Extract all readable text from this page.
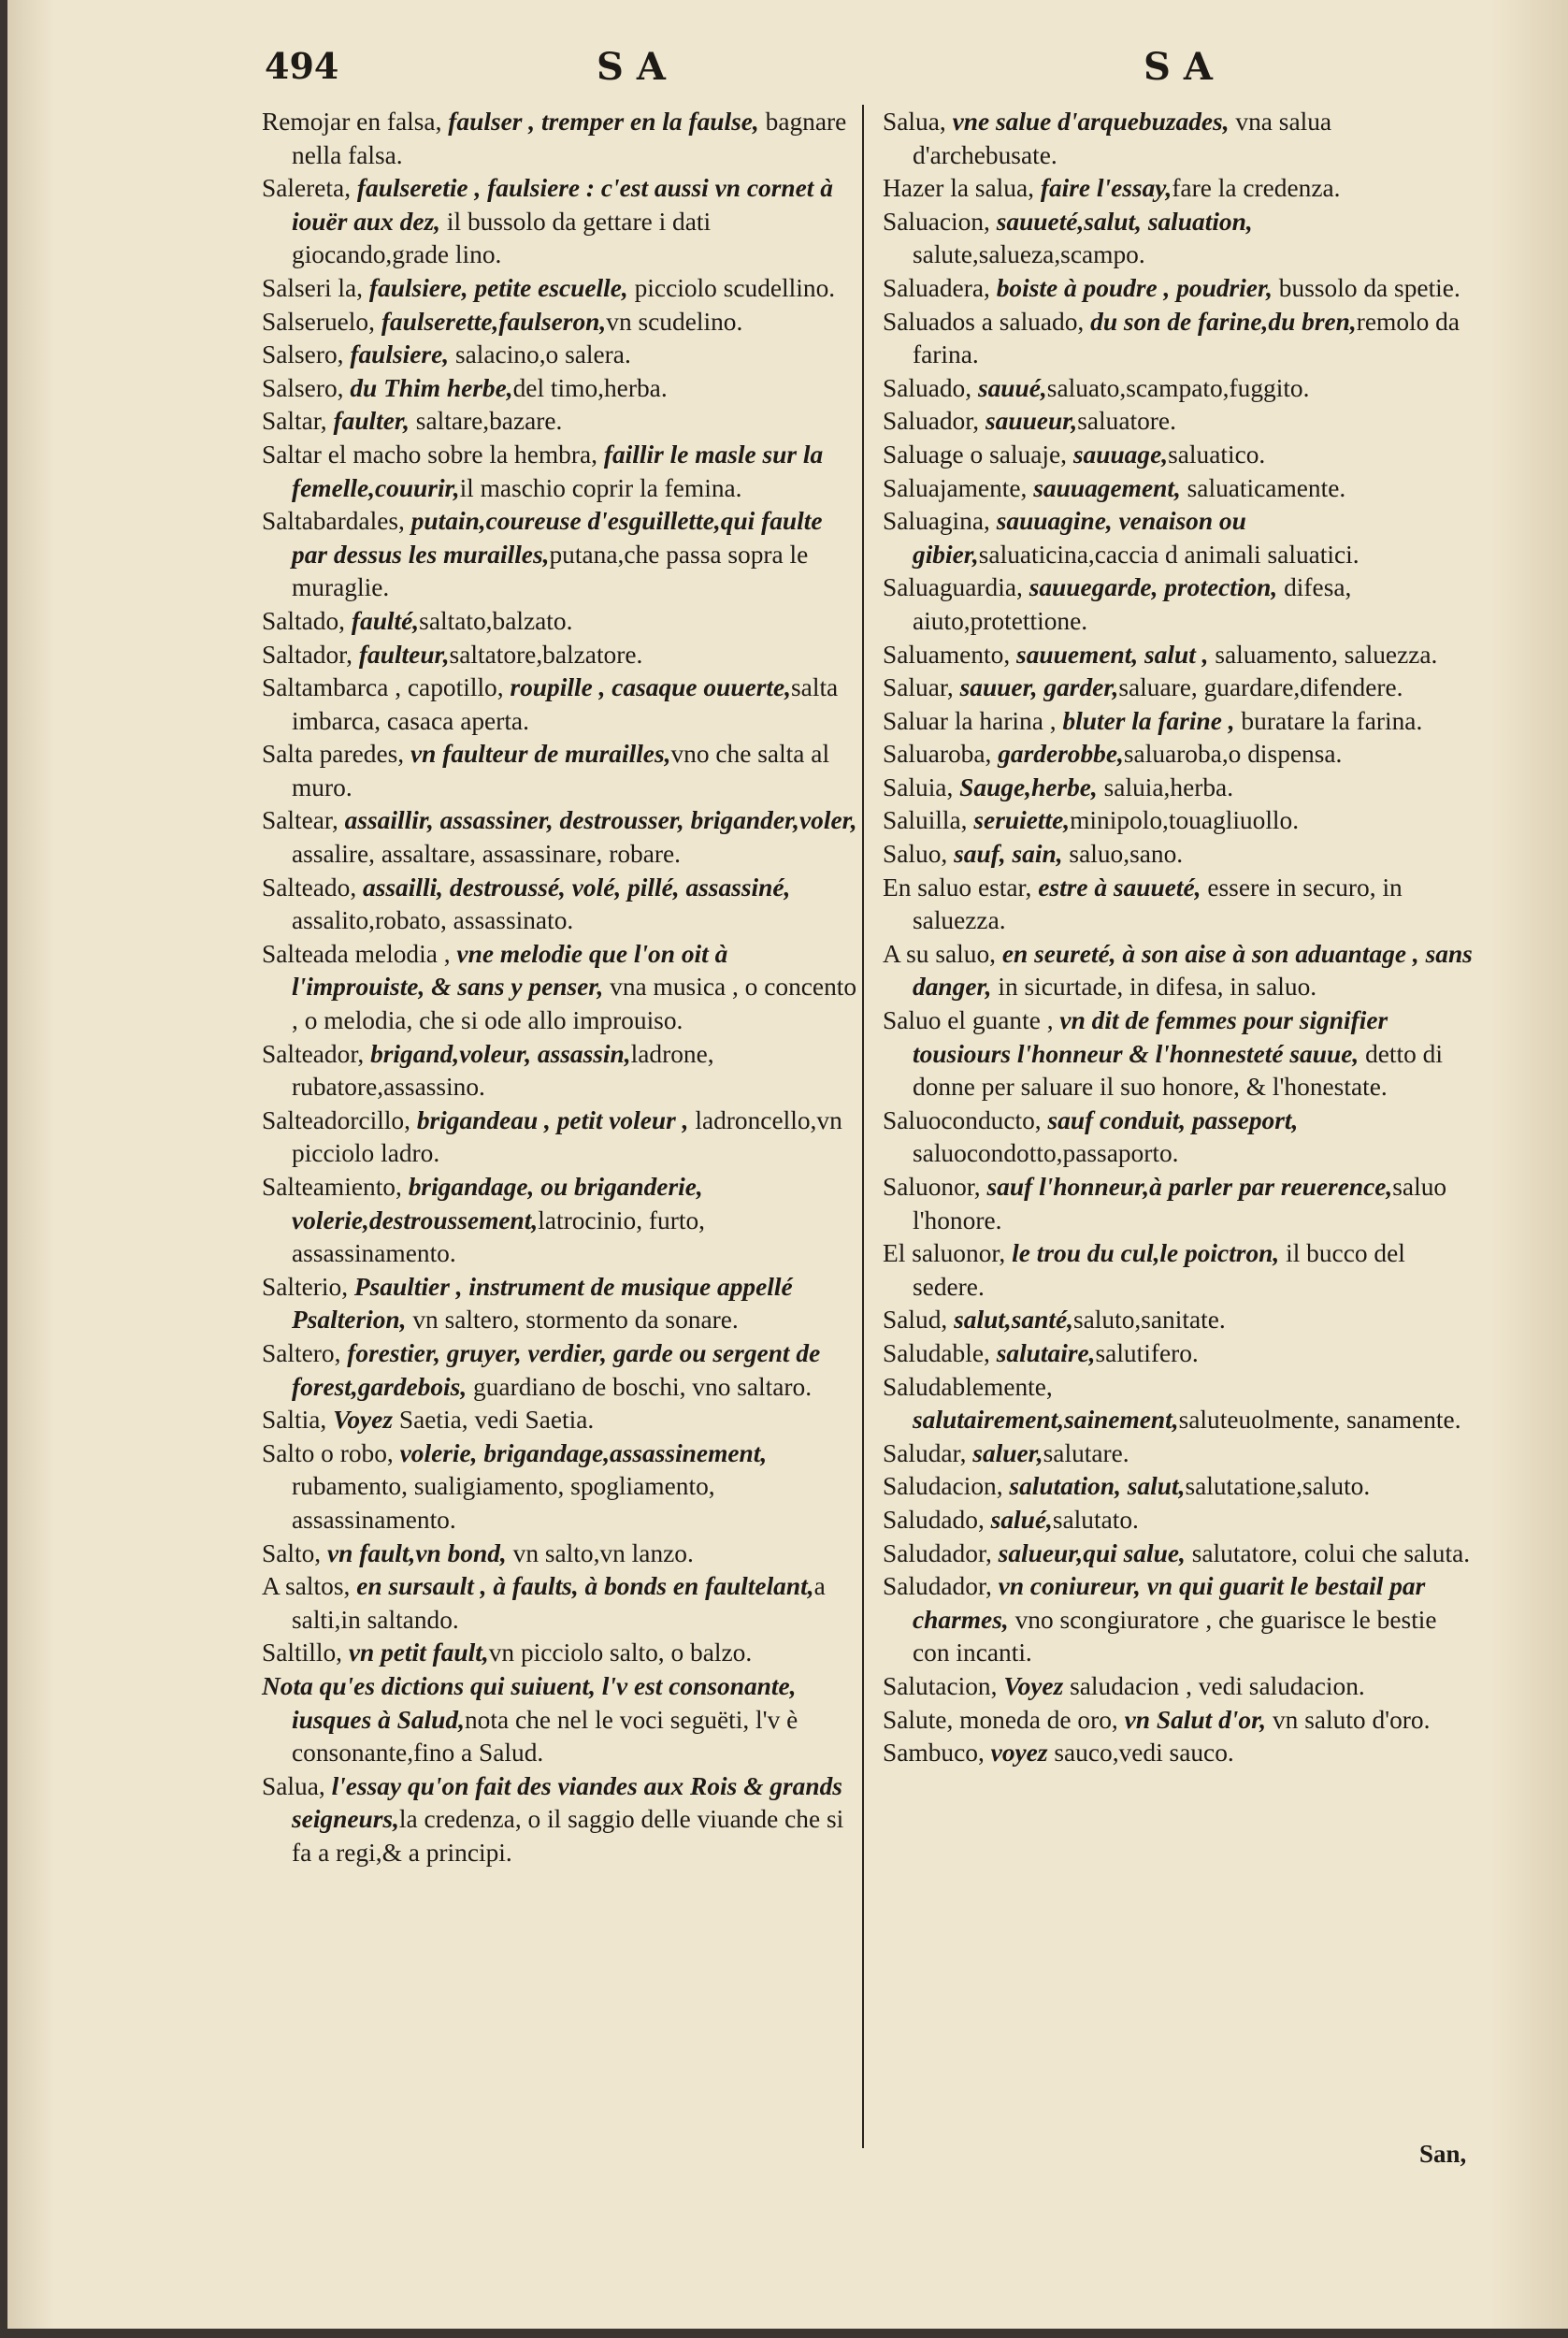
494	SA	SA

Remojar en falsa, faulser , tremper en la faulse, bagnare nella falsa.

Salereta, faulseretie , faulsiere : c'est aussi vn cornet à iouër aux dez, il bussolo da gettare i dati giocando,grade lino.

Salseri la, faulsiere, petite escuelle, picciolo scudellino.

Salseruelo, faulserette,faulseron,vn scudelino.

Salsero, faulsiere, salacino,o salera.

Salsero, du Thim herbe,del timo,herba.

Saltar, faulter, saltare,bazare.

Saltar el macho sobre la hembra, faillir le masle sur la femelle,couurir,il maschio coprir la femina.

Saltabardales, putain,coureuse d'esguillette,qui faulte par dessus les murailles,putana,che passa sopra le muraglie.

Saltado, faulté,saltato,balzato.

Saltador, faulteur,saltatore,balzatore.

Saltambarca , capotillo, roupille , casaque ouuerte,salta imbarca, casaca aperta.

Salta paredes, vn faulteur de murailles,vno che salta al muro.

Saltear, assaillir, assassiner, destrousser, brigander,voler, assalire, assaltare, assassinare, robare.

Salteado, assailli, destroussé, volé, pillé, assassiné, assalito,robato, assassinato.

Salteada melodia , vne melodie que l'on oit à l'improuiste, & sans y penser, vna musica , o concento , o melodia, che si ode allo improuiso.

Salteador, brigand,voleur, assassin,ladrone, rubatore,assassino.

Salteadorcillo, brigandeau , petit voleur , ladroncello,vn picciolo ladro.

Salteamiento, brigandage, ou briganderie, volerie,destroussement,latrocinio, furto, assassinamento.

Salterio, Psaultier , instrument de musique appellé Psalterion, vn saltero, stormento da sonare.

Saltero, forestier, gruyer, verdier, garde ou sergent de forest,gardebois, guardiano de boschi, vno saltaro.

Saltia, Voyez Saetia, vedi Saetia.

Salto o robo, volerie, brigandage,assassinement, rubamento, sualigiamento, spogliamento, assassinamento.

Salto, vn fault,vn bond, vn salto,vn lanzo.

A saltos, en sursault , à faults, à bonds en faultelant,a salti,in saltando.

Saltillo, vn petit fault,vn picciolo salto, o balzo.

Nota qu'es dictions qui suiuent, l'v est consonante, iusques à Salud,nota che nel le voci seguëti, l'v è consonante,fino a Salud.

Salua, l'essay qu'on fait des viandes aux Rois & grands seigneurs,la credenza, o il saggio delle viuande che si fa a regi,& a principi.

Salua, vne salue d'arquebuzades, vna salua d'archebusate.

Hazer la salua, faire l'essay,fare la credenza.

Saluacion, sauueté,salut, saluation, salute,salueza,scampo.

Saluadera, boiste à poudre , poudrier, bussolo da spetie.

Saluados a saluado, du son de farine,du bren,remolo da farina.

Saluado, sauué,saluato,scampato,fuggito.

Saluador, sauueur,saluatore.

Saluage o saluaje, sauuage,saluatico.

Saluajamente, sauuagement, saluaticamente.

Saluagina, sauuagine, venaison ou gibier,saluaticina,caccia d animali saluatici.

Saluaguardia, sauuegarde, protection, difesa, aiuto,protettione.

Saluamento, sauuement, salut , saluamento, saluezza.

Saluar, sauuer, garder,saluare, guardare,difendere.

Saluar la harina , bluter la farine , buratare la farina.

Saluaroba, garderobbe,saluaroba,o dispensa.

Saluia, Sauge,herbe, saluia,herba.

Saluilla, seruiette,minipolo,touagliuollo.

Saluo, sauf, sain, saluo,sano.

En saluo estar, estre à sauueté, essere in securo, in saluezza.

A su saluo, en seureté, à son aise à son aduantage , sans danger, in sicurtade, in difesa, in saluo.

Saluo el guante , vn dit de femmes pour signifier tousiours l'honneur & l'honnesteté sauue, detto di donne per saluare il suo honore, & l'honestate.

Saluoconducto, sauf conduit, passeport, saluocondotto,passaporto.

Saluonor, sauf l'honneur,à parler par reuerence,saluo l'honore.

El saluonor, le trou du cul,le poictron, il bucco del sedere.

Salud, salut,santé,saluto,sanitate.

Saludable, salutaire,salutifero.

Saludablemente, salutairement,sainement,saluteuolmente, sanamente.

Saludar, saluer,salutare.

Saludacion, salutation, salut,salutatione,saluto.

Saludado, salué,salutato.

Saludador, salueur,qui salue, salutatore, colui che saluta.

Saludador, vn coniureur, vn qui guarit le bestail par charmes, vno scongiuratore , che guarisce le bestie con incanti.

Salutacion, Voyez saludacion , vedi saludacion.

Salute, moneda de oro, vn Salut d'or, vn saluto d'oro.

Sambuco, voyez sauco,vedi sauco.

San,
